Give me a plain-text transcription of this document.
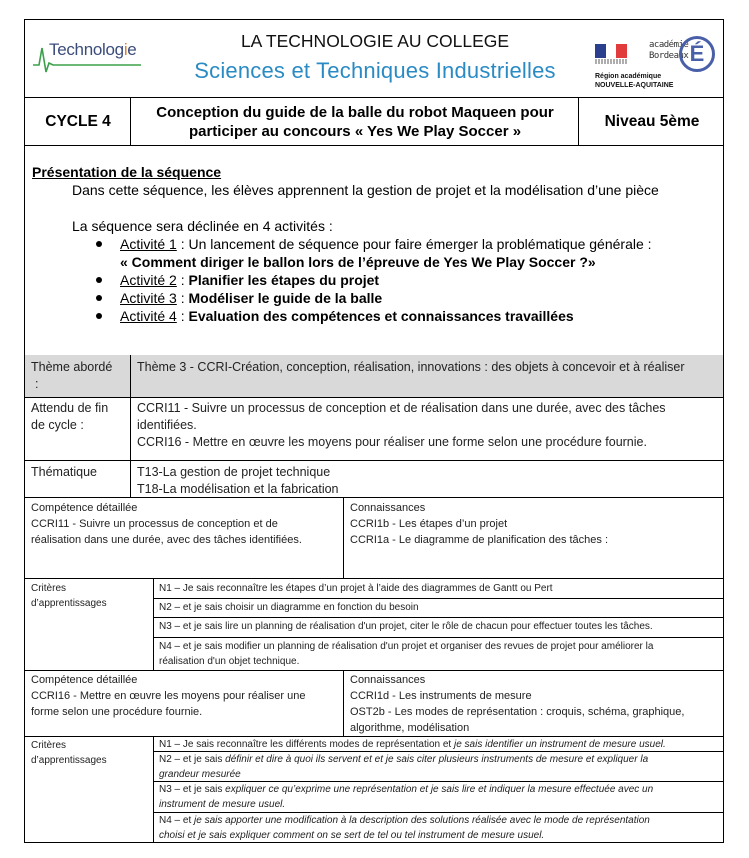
Technologie	LA TECHNOLOGIE AU COLLEGE
Sciences et Techniques Industrielles
académie
Bordeaux É
Région académique
NOUVELLE-AQUITAINE
CYCLE 4
Conception du guide de la balle du robot Maqueen pour
participer au concours « Yes We Play Soccer »
Niveau 5ème
Présentation de la séquence
Dans cette séquence, les élèves apprennent la gestion de projet et la modélisation d’une pièce
La séquence sera déclinée en 4 activités :
Activité 1 : Un lancement de séquence pour faire émerger la problématique générale :
« Comment diriger le ballon lors de l’épreuve de Yes We Play Soccer ?»
Activité 2 : Planifier les étapes du projet
Activité 3 : Modéliser le guide de la balle
Activité 4 : Evaluation des compétences et connaissances travaillées
Thème abordé
:
Thème 3 - CCRI-Création, conception, réalisation, innovations : des objets à concevoir et à réaliser
Attendu de fin
de cycle :
CCRI11 - Suivre un processus de conception et de réalisation dans une durée, avec des tâches
identifiées.
CCRI16 - Mettre en œuvre les moyens pour réaliser une forme selon une procédure fournie.
Thématique	T13-La gestion de projet technique
T18-La modélisation et la fabrication
Compétence détaillée
CCRI11 - Suivre un processus de conception et de
réalisation dans une durée, avec des tâches identifiées.
Connaissances
CCRI1b - Les étapes d’un projet
CCRI1a - Le diagramme de planification des tâches :
Critères
d’apprentissages
N1 – Je sais reconnaître les étapes d’un projet à l’aide des diagrammes de Gantt ou Pert
N2 – et je sais choisir un diagramme en fonction du besoin
N3 – et je sais lire un planning de réalisation d'un projet, citer le rôle de chacun pour effectuer toutes les tâches.
N4 – et je sais modifier un planning de réalisation d'un projet et organiser des revues de projet pour améliorer la
réalisation d'un objet technique.
Compétence détaillée
CCRI16 - Mettre en œuvre les moyens pour réaliser une
forme selon une procédure fournie.
Connaissances
CCRI1d - Les instruments de mesure
OST2b - Les modes de représentation : croquis, schéma, graphique,
algorithme, modélisation
Critères
d’apprentissages
N1 – Je sais reconnaître les différents modes de représentation et je sais identifier un instrument de mesure usuel.
N2 – et je sais définir et dire à quoi ils servent et et je sais citer plusieurs instruments de mesure et expliquer la
grandeur mesurée
N3 – et je sais expliquer ce qu’exprime une représentation et je sais lire et indiquer la mesure effectuée avec un
instrument de mesure usuel.
N4 – et je sais apporter une modification à la description des solutions réalisée avec le mode de représentation
choisi et je sais expliquer comment on se sert de tel ou tel instrument de mesure usuel.
